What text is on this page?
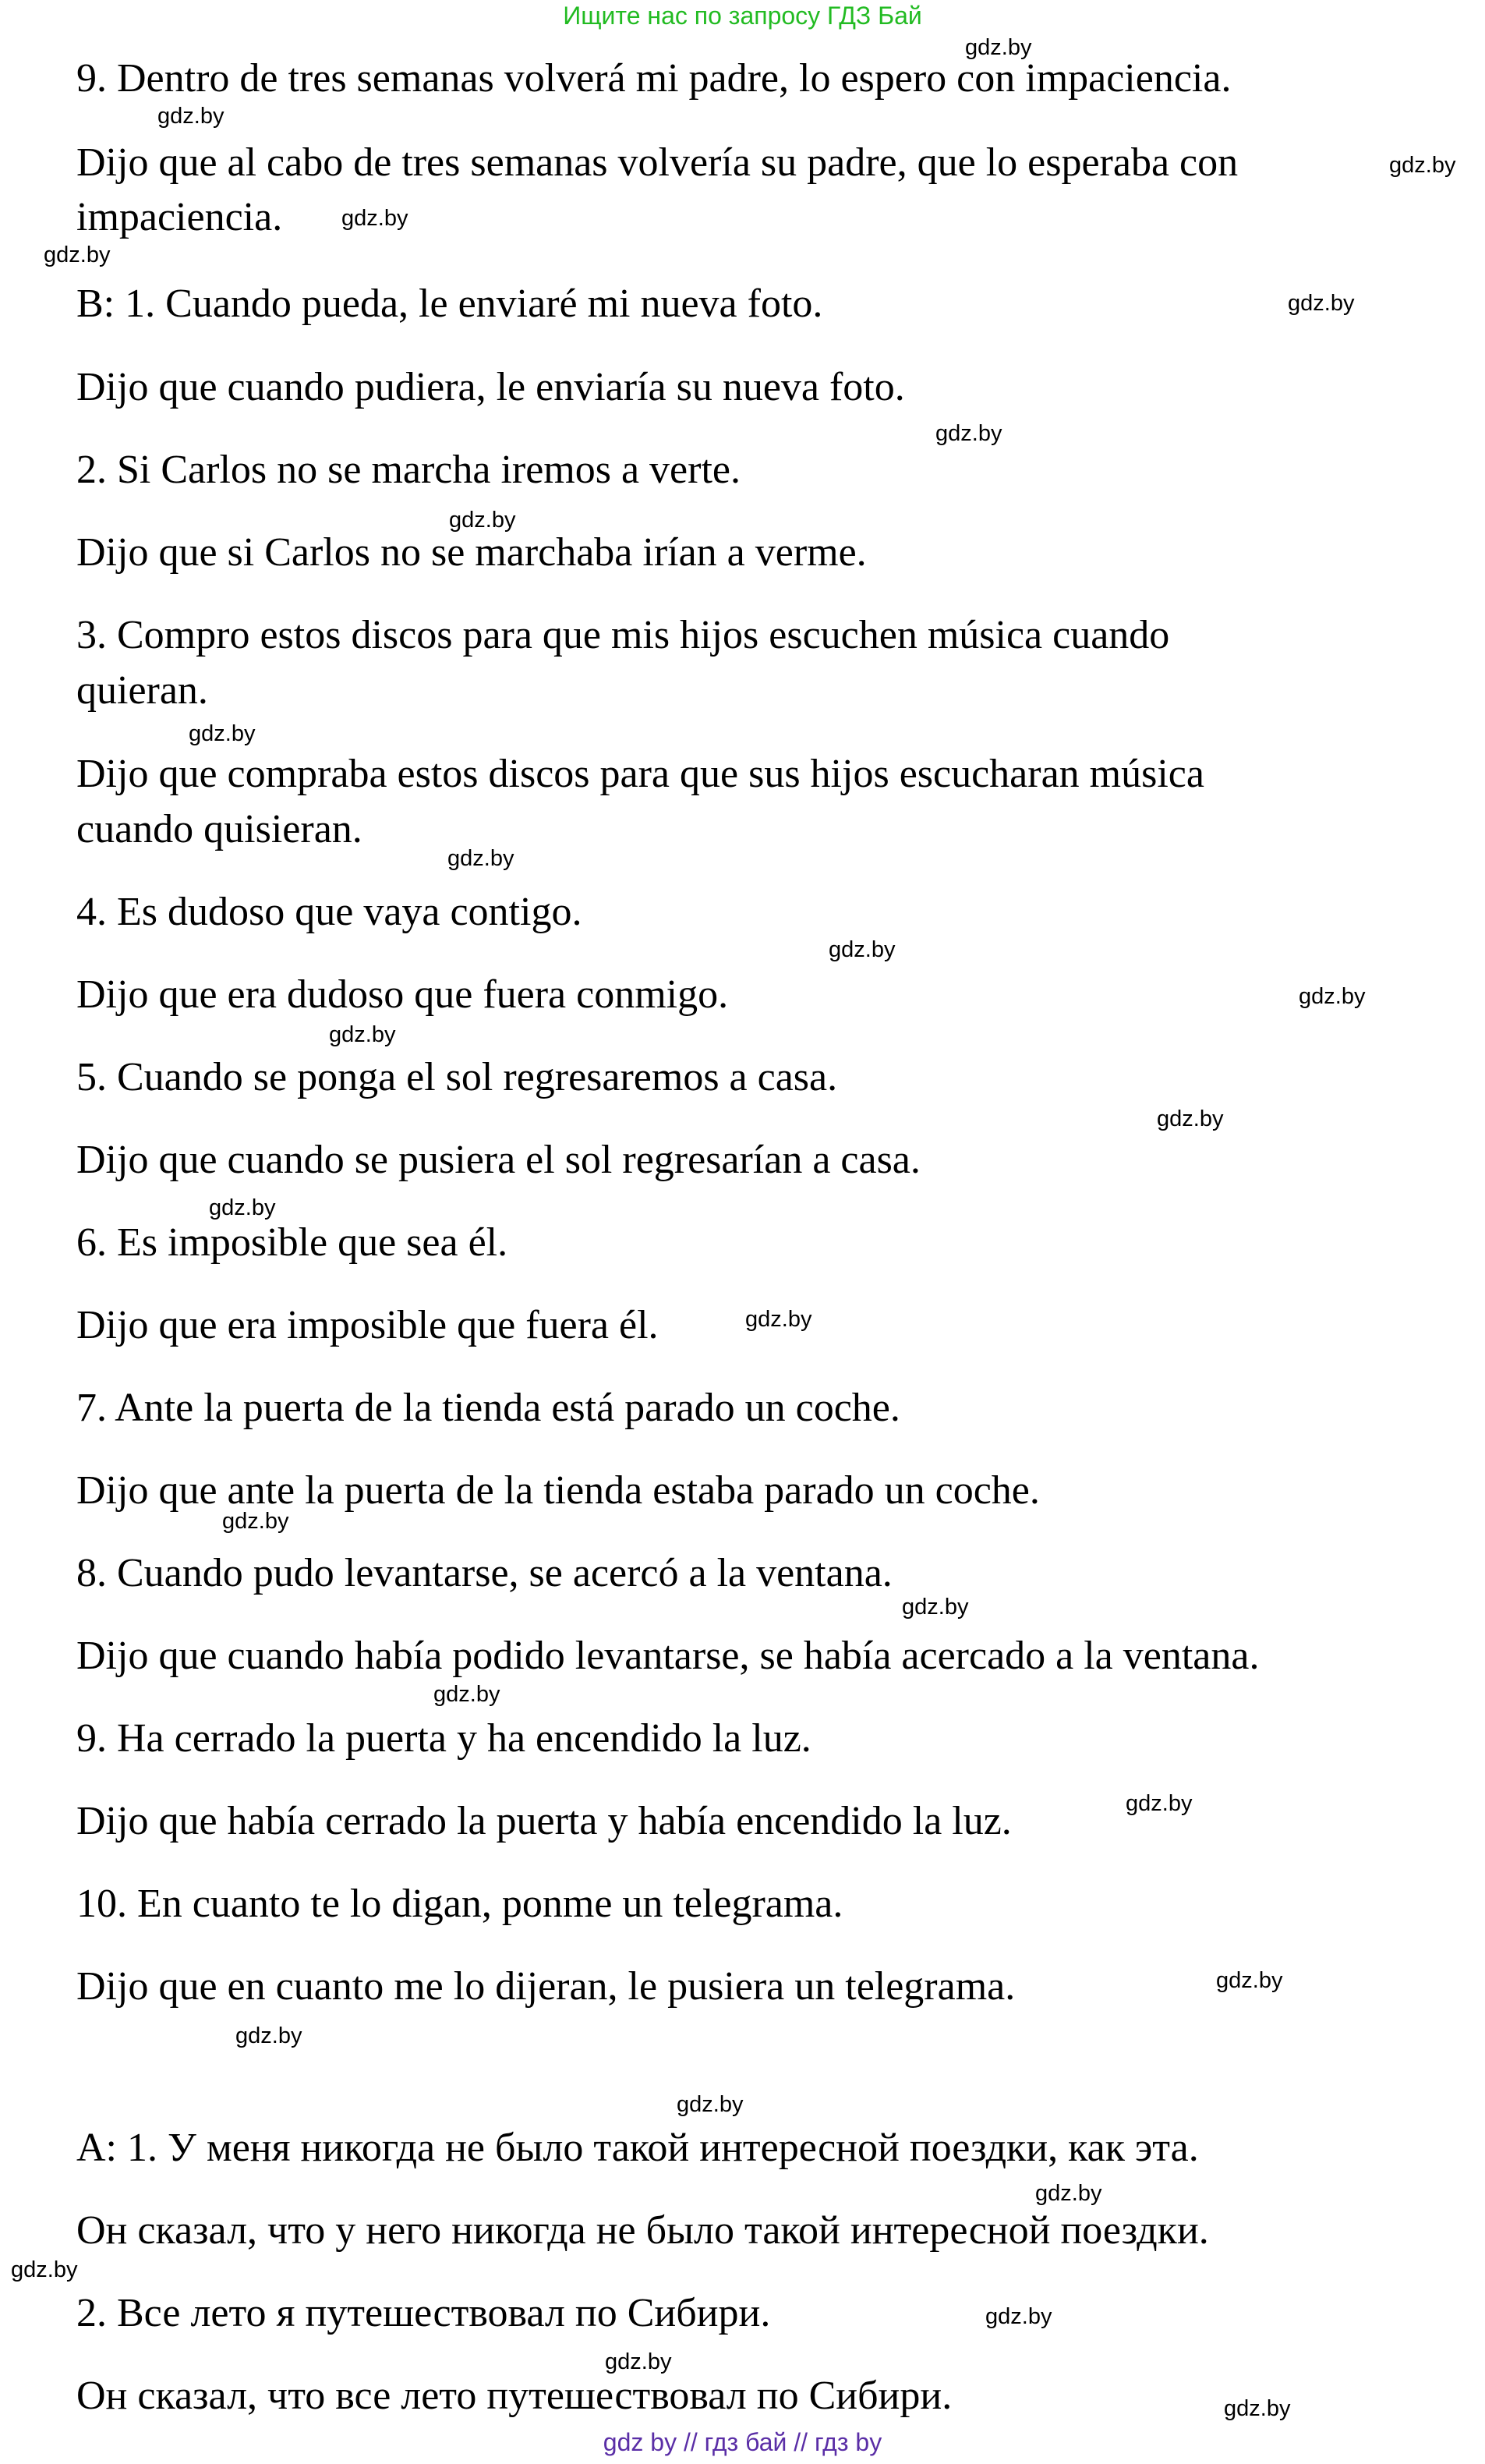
Ищите нас по запросу ГДЗ Бай
9. Dentro de tres semanas volverá mi padre, lo espero con impaciencia.
Dijo que al cabo de tres semanas volvería su padre, que lo esperaba con
impaciencia.
B: 1. Cuando pueda, le enviaré mi nueva foto.
Dijo que cuando pudiera, le enviaría su nueva foto.
2. Si Carlos no se marcha iremos a verte.
Dijo que si Carlos no se marchaba irían a verme.
3. Compro estos discos para que mis hijos escuchen música cuando
quieran.
Dijo que compraba estos discos para que sus hijos escucharan música
cuando quisieran.
4. Es dudoso que vaya contigo.
Dijo que era dudoso que fuera conmigo.
5. Cuando se ponga el sol regresaremos a casa.
Dijo que cuando se pusiera el sol regresarían a casa.
6. Es imposible que sea él.
Dijo que era imposible que fuera él.
7. Ante la puerta de la tienda está parado un coche.
Dijo que ante la puerta de la tienda estaba parado un coche.
8. Cuando pudo levantarse, se acercó a la ventana.
Dijo que cuando había podido levantarse, se había acercado a la ventana.
9. Ha cerrado la puerta y ha encendido la luz.
Dijo que había cerrado la puerta y había encendido la luz.
10. En cuanto te lo digan, ponme un telegrama.
Dijo que en cuanto me lo dijeran, le pusiera un telegrama.
A: 1. У меня никогда не было такой интересной поездки, как эта.
Он сказал, что у него никогда не было такой интересной поездки.
2. Все лето я путешествовал по Сибири.
Он сказал, что все лето путешествовал по Сибири.
gdz.by
gdz.by
gdz.by
gdz.by
gdz.by
gdz.by
gdz.by
gdz.by
gdz.by
gdz.by
gdz.by
gdz.by
gdz.by
gdz.by
gdz.by
gdz.by
gdz.by
gdz.by
gdz.by
gdz.by
gdz.by
gdz.by
gdz.by
gdz.by
gdz.by
gdz.by
gdz.by
gdz.by
gdz by // гдз бай // гдз by
